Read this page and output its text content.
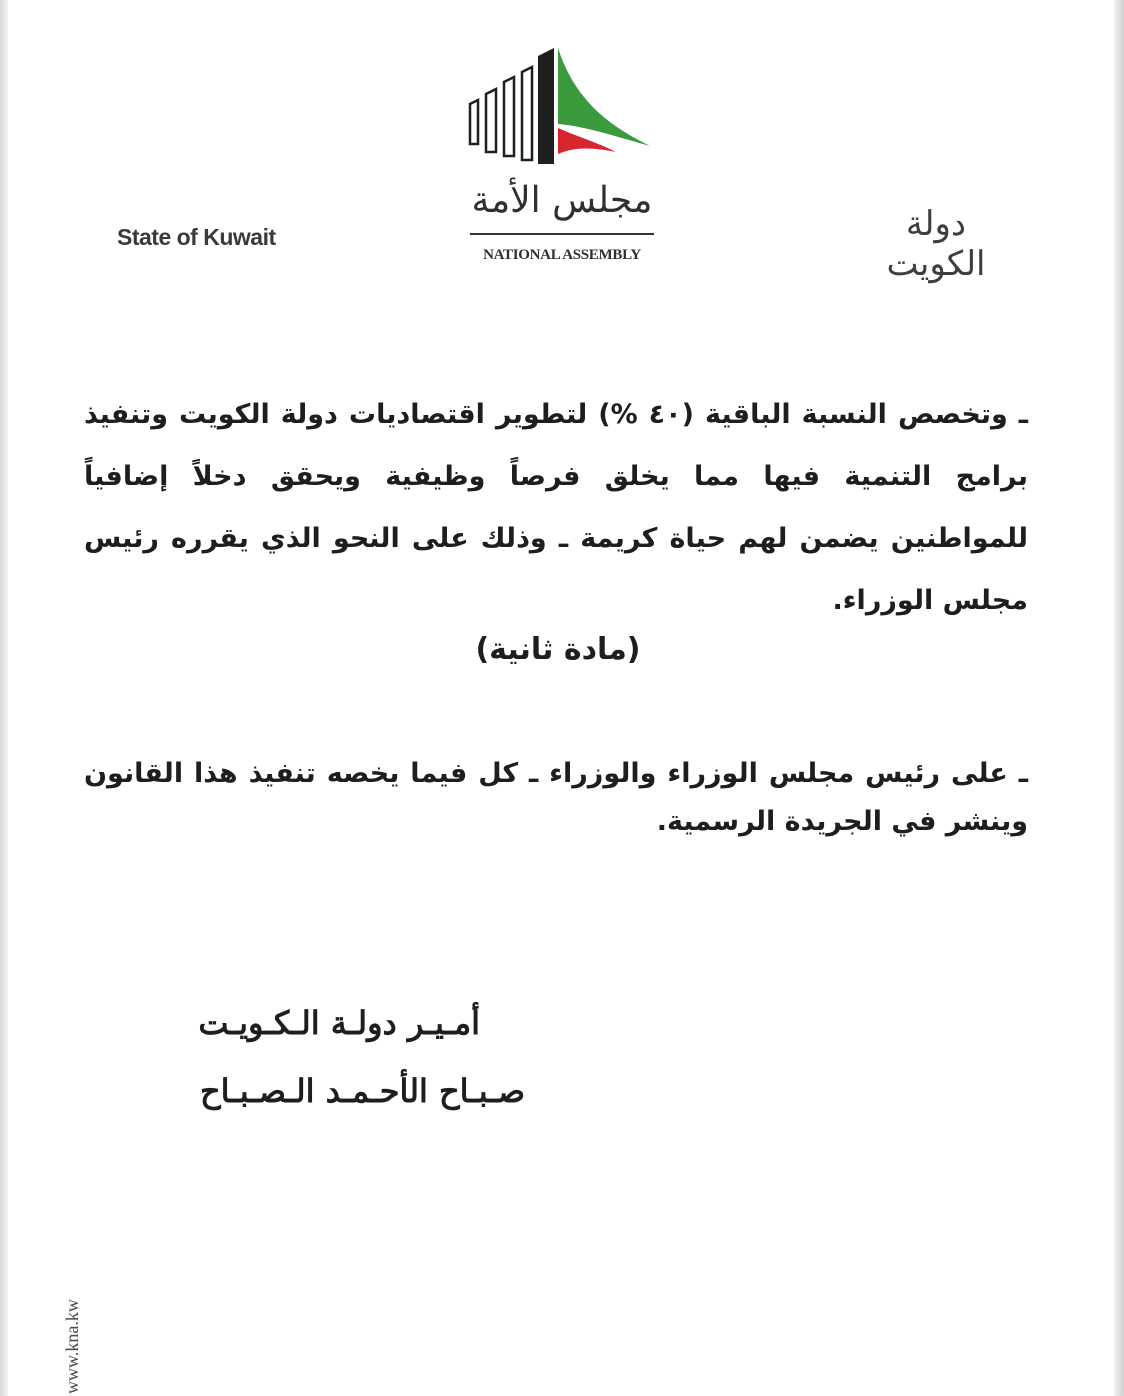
State of Kuwait
مجلس الأمة
NATIONAL ASSEMBLY
دولة الكويت
ـ وتخصص النسبة الباقية (٤٠ %) لتطوير اقتصاديات دولة الكويت وتنفيذ برامج التنمية فيها مما يخلق فرصاً وظيفية ويحقق دخلاً إضافياً للمواطنين يضمن لهم حياة كريمة ـ وذلك على النحو الذي يقرره رئيس مجلس الوزراء.
(مادة ثانية)
ـ على رئيس مجلس الوزراء والوزراء ـ كل فيما يخصه تنفيذ هذا القانون وينشر في الجريدة الرسمية.
أمـيـر دولـة الـكـويـت
صـبـاح الأحـمـد الـصـبـاح
www.kna.kw
